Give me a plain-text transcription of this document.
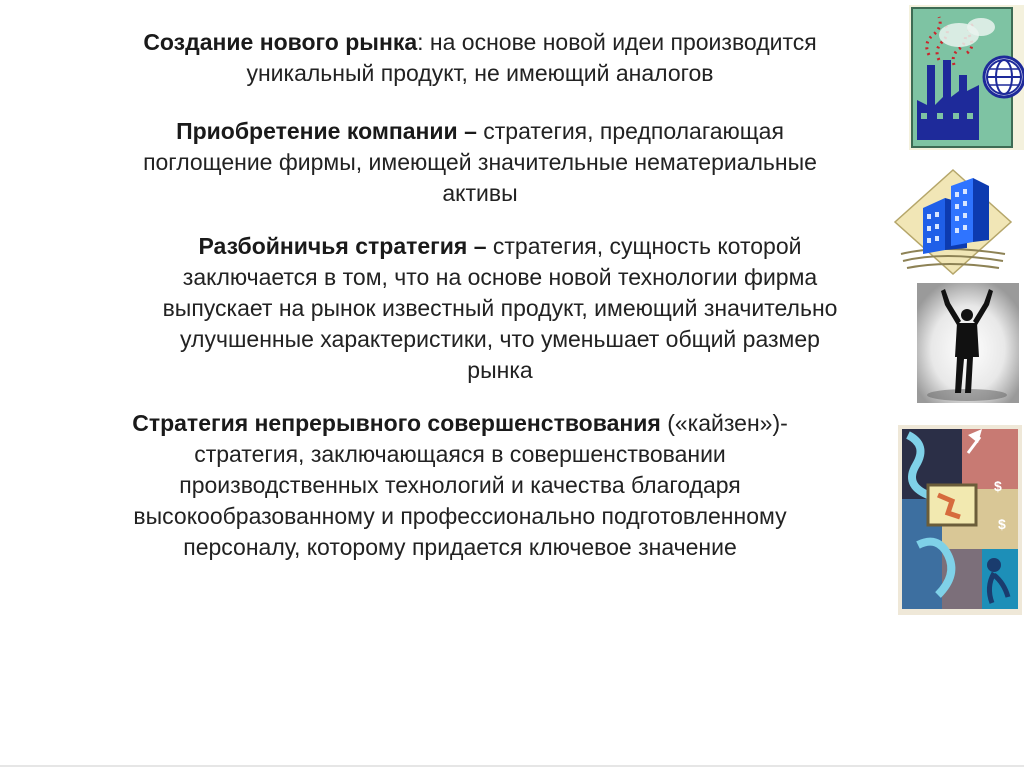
Создание нового рынка: на основе новой идеи производится
уникальный продукт, не имеющий аналогов

Приобретение компании – стратегия, предполагающая
поглощение фирмы, имеющей значительные нематериальные
активы

Разбойничья стратегия – стратегия, сущность которой
заключается в том, что на основе новой технологии фирма
выпускает на рынок известный продукт, имеющий значительно
улучшенные характеристики, что уменьшает общий размер
рынка

Стратегия непрерывного совершенствования («кайзен»)-
стратегия, заключающаяся в совершенствовании
производственных технологий и качества благодаря
высокообразованному и профессионально подготовленному
персоналу, которому придается ключевое значение

$
$
